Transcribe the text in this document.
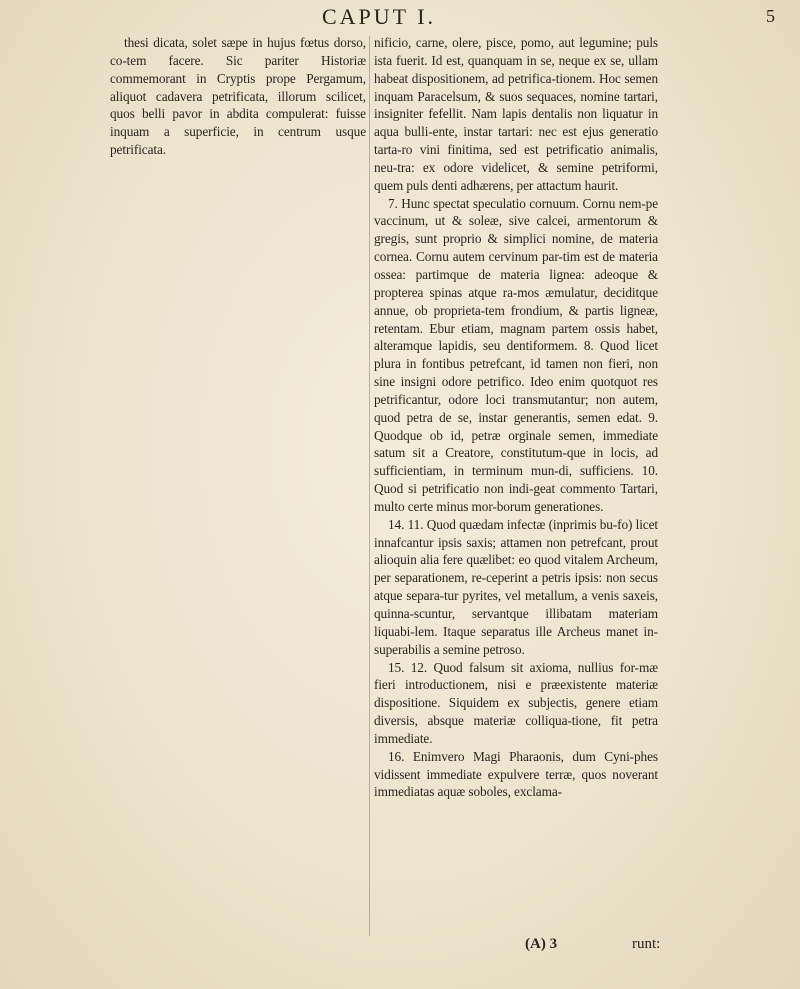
CAPUT I.	5

thesi dicata, solet sæpe in hujus fœtus dorso, co-tem facere. Sic pariter Historiæ commemorant in Cryptis prope Pergamum, aliquot cadavera petrificata, illorum scilicet, quos belli pavor in abdita compulerat: fuisse inquam a superficie, in centrum usque petrificata.

nificio, carne, olere, pisce, pomo, aut legumine; puls ista fuerit. Id est, quanquam in se, neque ex se, ullam habeat dispositionem, ad petrifica-tionem. Hoc semen inquam Paracelsum, & suos sequaces, nomine tartari, insigniter fefellit. Nam lapis dentalis non liquatur in aqua bulli-ente, instar tartari: nec est ejus generatio tarta-ro vini finitima, sed est petrificatio animalis, neu-tra: ex odore videlicet, & semine petriformi, quem puls denti adhærens, per attactum haurit.

7. Hunc spectat speculatio cornuum. Cornu nem-pe vaccinum, ut & soleæ, sive calcei, armentorum & gregis, sunt proprio & simplici nomine, de materia cornea. Cornu autem cervinum par-tim est de materia ossea: partimque de materia lignea: adeoque & propterea spinas atque ra-mos æmulatur, deciditque annue, ob proprieta-tem frondium, & partis ligneæ, retentam. Ebur etiam, magnam partem ossis habet, alteramque lapidis, seu dentiformem. 8. Quod licet plura in fontibus petrefcant, id tamen non fieri, non sine insigni odore petrifico. Ideo enim quotquot res petrificantur, odore loci transmutantur; non autem, quod petra de se, instar generantis, semen edat. 9. Quodque ob id, petræ orginale semen, immediate satum sit a Creatore, constitutum-que in locis, ad sufficientiam, in terminum mun-di, sufficiens. 10. Quod si petrificatio non indi-geat commento Tartari, multo certe minus mor-borum generationes.

14. 11. Quod quædam infectæ (inprimis bu-fo) licet innafcantur ipsis saxis; attamen non petrefcant, prout alioquin alia fere quælibet: eo quod vitalem Archeum, per separationem, re-ceperint a petris ipsis: non secus atque separa-tur pyrites, vel metallum, a venis saxeis, quinna-scuntur, servantque illibatam materiam liquabi-lem. Itaque separatus ille Archeus manet in-superabilis a semine petroso.

15. 12. Quod falsum sit axioma, nullius for-mæ fieri introductionem, nisi e præexistente materiæ dispositione. Siquidem ex subjectis, genere etiam diversis, absque materiæ colliqua-tione, fit petra immediate.

16. Enimvero Magi Pharaonis, dum Cyni-phes vidissent immediate expulvere terræ, quos noverant immediatas aquæ soboles, exclama-

(A) 3	runt:
